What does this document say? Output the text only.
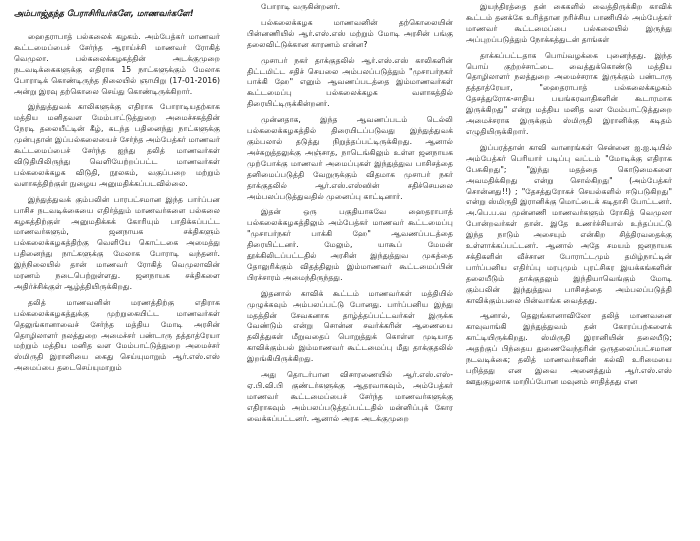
அம்பாஜ்தந்த பேராசிரியர்களே, மாணவர்களே!

ஹைதராபாத் பல்கலைக் கழகம். அம்பேத்கர் மாணவர் கூட்டமைப்பைச் சேர்ந்த ஆராய்ச்சி மாணவர் ரோகித் வெமுலா. பல்கலைக்கழகத்தின் அடக்குமுறை நடவடிக்கைகளுக்கு எதிராக 15 நாட்களுக்கும் மேலாக போராடிக் கொண்டிருந்த நிலையில் ஞாயிறு (17-01-2016) அன்று இரவு தற்கொலை செய்து கொண்டிருக்கிறார்.

இந்துத்துவக் காலிகளுக்கு எதிராக போராடியதற்காக மத்திய மனிதவள மேம்பாட்டுத்துறை அமைச்சகத்தின் நேரடி தலையீட்டின் கீழ், கடந்த பதினைந்து நாட்களுக்கு முன்புதான் இப்பல்கலையைச் சேர்ந்த அம்பேத்கர் மாணவர் கூட்டமைப்பைச் சேர்ந்த ஐந்து தலித் மாணவர்கள் விடுதியிலிருந்து வெளியேற்றப்பட்ட மாணவர்கள் பல்கலைக்கழக விடுதி, நூலகம், வகுப்பறை மற்றும் வளாகத்திற்குள் நுழைய அனுமதிக்கப்படவில்லை.

இந்துத்துவக் கும்பலின் பாரபட்சமான இந்த பார்ப்பன பாசிச நடவடிக்கையை எதிர்த்தும் மாணவர்களை பல்கலை கழகத்திற்குள் அனுமதிக்கக் கோரியும் பாதிக்கப்பட்ட மாணவர்களும், ஜனநாயக சக்திகளும் பல்கலைக்கழகத்திற்கு வெளியே கொட்டகை அமைத்து பதினைந்து நாட்களுக்கு மேலாக போராடி வந்தனர். இந்நிலையில் தான் மாணவர் ரோகித் வெமுலாவின் மரணம் நடைபெற்றுள்ளது. ஜனநாயக சக்திகளை அதிர்ச்சிக்குள் ஆழ்த்தியிருக்கிறது.

தலித் மாணவனின் மரணத்திற்கு எதிராக பல்கலைக்கழகத்துக்கு முற்றுகையிட்ட மாணவர்கள் தெலுங்கானாவைச் சேர்ந்த மத்திய மோடி அரசின் தொழிலாளர் நலத்துறை அமைச்சர் பண்டாரு தத்தாத்ரேயா மற்றும் மத்திய மனித வள மேம்பாட்டுத்துறை அமைச்சர் ஸ்மிருதி இரானியை கைது செய்யுமாறும் ஆர்.எஸ்.எஸ் அமைப்பை தடைசெய்யுமாறும்

போராடி வருகின்றனர்.

பல்கலைக்கழக மாணவனின் தற்கொலையின் பின்னணியில் ஆர்.எஸ்.எஸ் மற்றும் மோடி அரசின் பங்கு தலைவிட்டுக்கான காரணம் என்ன?

முசாபர் நகர் தாக்குதலில் ஆர்.எஸ்.எஸ் காலிகளின் திட்டமிட்ட சதிச் செயலை அம்பலப்படுத்தும் "முசாபர்நகர் பாக்கி ஹே" எனும் ஆவணப்படத்தை இம்மாணவர்கள் கூட்டமைப்பு பல்கலைக்கழக வளாகத்தில் திரையிட்டிருக்கின்றனர்.

முன்னதாக, இந்த ஆவணப்படம் டெல்லி பல்கலைக்கழகத்தில் திரையிடப்படுவது இந்துத்துவக் கும்பலால் தடுத்து நிறுத்தப்பட்டிருக்கிறது. ஆனால் அச்சுறுத்தலுக்கு அஞ்சாத, நாடெங்கிலும் உள்ள ஜனநாயக முற்போக்கு மாணவர் அமைப்புகள் இந்துத்துவ பாசிசத்தை தனிமைப்படுத்தி வேறுருக்கும் விதமாக முசாபர் நகர் தாக்குதலில் ஆர்.எஸ்.எஸ்ஸின் சதிச்செயலை அம்பலப்படுத்துவதில் முனைப்பு காட்டினார்.

இதன் ஒரு பகுதியாகவே ஹைதராபாத் பல்கலைக்கழகத்திலும் அம்பேத்கர் மாணவர் கூட்டமைப்பு "முசாபர்நகர் பாக்கி ஹே" ஆவணப்படத்தை திரையிட்டனர். மேலும், யாகூப் மேமன் தூக்கிலிடப்பட்டதில் அரசின் இந்துத்துவ முகத்தை தோலுரிக்கும் விதத்திலும் இம்மாணவர் கூட்டமைப்பின் பிரச்சாரம் அமைந்திருந்தது.

இதனால் காவிக் கூட்டம் மாணவர்கள் மத்தியில் முழுக்கவும் அம்பலப்பட்டு போனது. பார்ப்பனிய இந்து மதத்தின் சேவகனாக தாழ்த்தப்பட்டவர்கள் இருக்க வேண்டும் என்று சொன்ன சவர்க்கரின் ஆணையை தலித்துகள் மீறுவதைப் பொறுத்துக் கொள்ள முடியாத காவிக்கும்பல் இம்மாணவர் கூட்டமைப்பு மீது தாக்குதலில் இறங்கியிருக்கிறது.

அது தொடர்பான விசாரணையில் ஆர்.எஸ்.எஸ்-ஏ.பி.வி.பி குண்டர்களுக்கு ஆதரவாகவும், அம்பேத்கர் மாணவர் கூட்டமைப்பைச் சேர்ந்த மாணவர்களுக்கு எதிராகவும் அம்பலப்படுத்தப்பட்டதில் மன்னிப்புக் கோர வைக்கப்பட்டனர். ஆனால் அரசு அடக்குமுறை

இயந்திரத்தை தன் கைகளில் வைத்திருக்கிற காவிக் கூட்டம் தனக்கே உரித்தான நரிச்சிய பாணியில் அம்பேத்கர் மாணவர் கூட்டமைப்பை பல்கலையில் இருந்து அப்புறப்படுத்தும் நோக்கத்துடன் தாங்கள்

தாக்கப்பட்டதாக பொய்வழக்கை புனைந்தது. இந்த பொய் குற்றச்சாட்டை வைத்துக்கொண்டு மத்திய தொழிலாளர் நலத்துறை அமைச்சராக இருக்கும் பண்டாரு தத்தாத்ரேயா, "ஹைதராபாத் பல்கலைக்கழகம் தேசத்துரோக-சாதிய பயங்கரவாதிகளின் கூடாரமாக இருக்கிறது" என்று மத்திய மனித வள மேம்பாட்டுத்துறை அமைச்சராக இருக்கும் ஸ்மிருதி இரானிக்கு கடிதம் எழுதியிருக்கிறார்.

இப்பரத்தான் காவி வானரங்கள் சென்னை ஐ.ஐ.டியில் அம்பேத்கர் பெரியார் படிப்பு வட்டம் "மோடிக்கு எதிராக பேசுகிறது"; "இந்து மதத்தை கொடுமைகளை அவமதிக்கிறது என்று சொல்கிறது" (அம்பேத்கர் சொன்னது!!) ; "தேசத்துரோகச் செயல்களில் ஈடுபடுகிறது" என்று ஸ்மிருதி இரானிக்கு மொட்டைக் கடிதாசி போட்டனர். அ.பெ.ப.வ முன்னணி மாணவர்களும் ரோகித் வெமுலா போன்றவர்கள் தான். இதே உணர்ச்சியால் உந்தப்பட்டு இந்த நாடும் அசையும் என்கிற சித்திரவதைக்கு உள்ளாக்கப்பட்டனர். ஆனால் அதே சமயம் ஜனநாயக சக்திகளின் வீச்சான போராட்டமும் தமிழ்நாட்டின் பார்ப்பனிய எதிர்ப்பு மரபுமும் புரட்சிகர இயக்கங்களின் தலையீடும் தாக்குதலும் இந்தியாவெங்கும் மோடி கும்பலின் இந்துத்துவ பாசிசத்தை அம்பலப்படுத்தி காவிக்கும்பலை பின்வாங்க வைத்தது.

ஆனால், தெலுங்கானாவிலோ தலித் மாணவனை காவுவாங்கி இந்துத்துவம் தன் கோரப்பற்களைக் காட்டியிருக்கிறது. ஸ்மிருதி இரானியின் தலையீடு; அதற்குப் பிந்தைய துணைவேந்தரின் ஒருதலைப்பட்சமான நடவடிக்கை; தலித் மாணவர்களின் கல்வி உரிமையை பறித்தது என இவை அனைத்தும் ஆர்.எஸ்.எஸ் ஊதுகுழலாக மாறிப்போன மவுனம் சாதித்தது என
